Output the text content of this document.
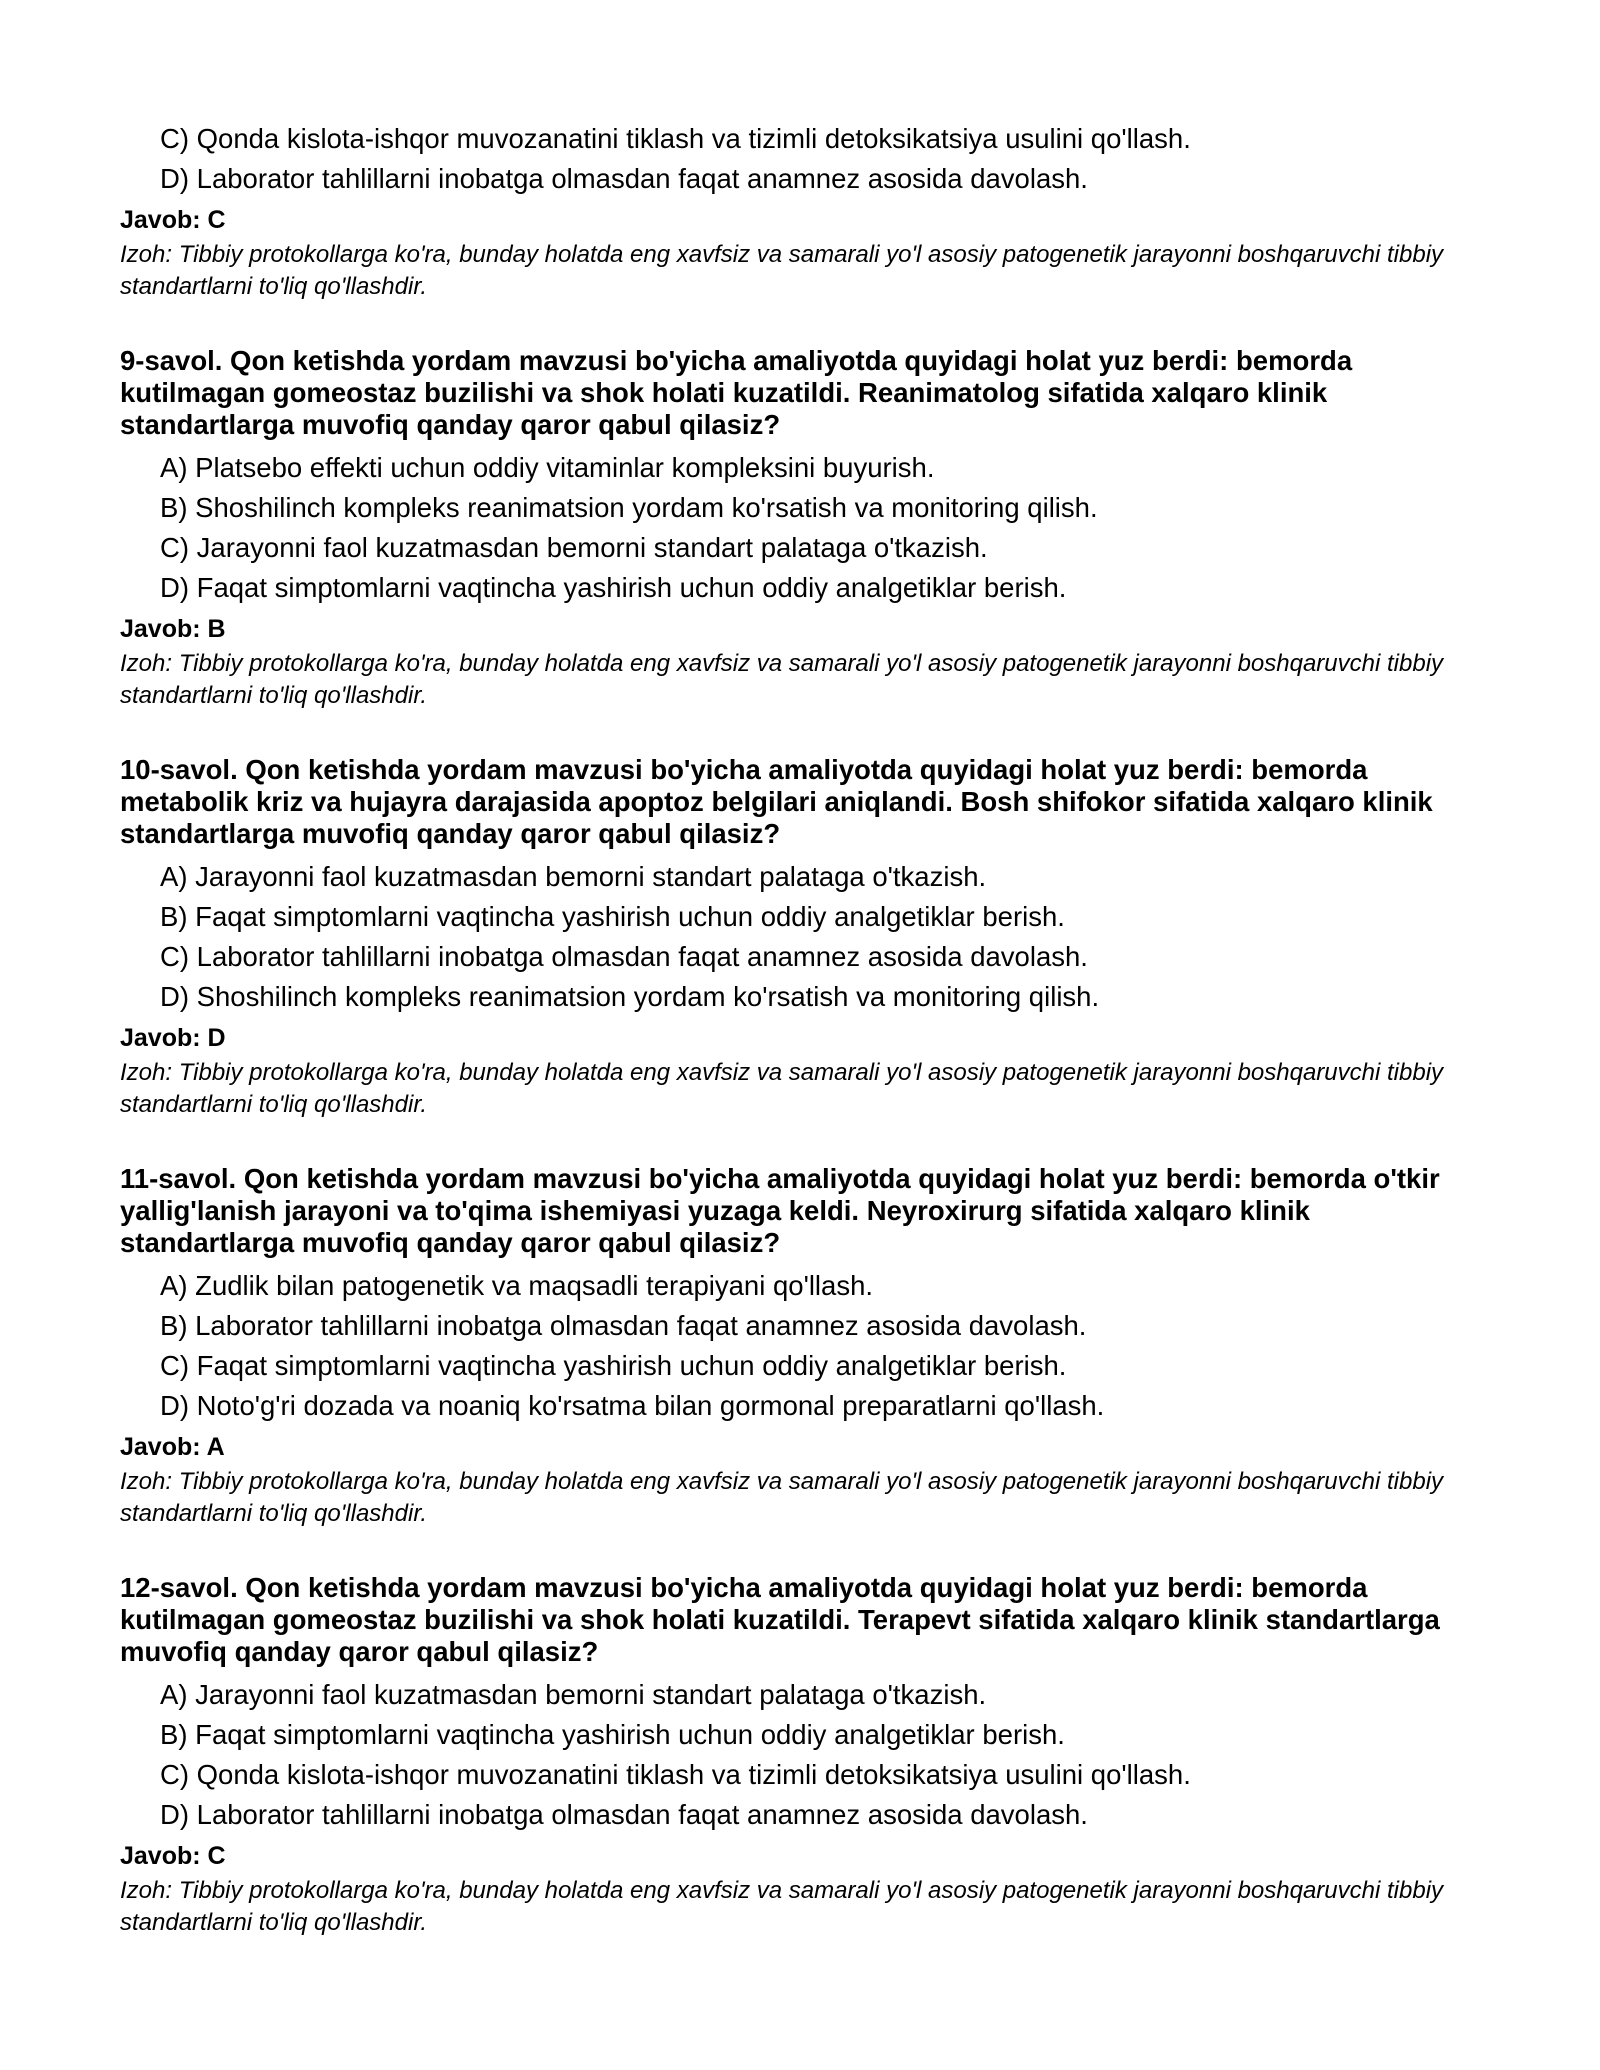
C) Qonda kislota-ishqor muvozanatini tiklash va tizimli detoksikatsiya usulini qo'llash.
D) Laborator tahlillarni inobatga olmasdan faqat anamnez asosida davolash.
Javob: C
Izoh: Tibbiy protokollarga ko'ra, bunday holatda eng xavfsiz va samarali yo'l asosiy patogenetik jarayonni boshqaruvchi tibbiy standartlarni to'liq qo'llashdir.
9-savol. Qon ketishda yordam mavzusi bo'yicha amaliyotda quyidagi holat yuz berdi: bemorda kutilmagan gomeostaz buzilishi va shok holati kuzatildi. Reanimatolog sifatida xalqaro klinik standartlarga muvofiq qanday qaror qabul qilasiz?
A) Platsebo effekti uchun oddiy vitaminlar kompleksini buyurish.
B) Shoshilinch kompleks reanimatsion yordam ko'rsatish va monitoring qilish.
C) Jarayonni faol kuzatmasdan bemorni standart palataga o'tkazish.
D) Faqat simptomlarni vaqtincha yashirish uchun oddiy analgetiklar berish.
Javob: B
Izoh: Tibbiy protokollarga ko'ra, bunday holatda eng xavfsiz va samarali yo'l asosiy patogenetik jarayonni boshqaruvchi tibbiy standartlarni to'liq qo'llashdir.
10-savol. Qon ketishda yordam mavzusi bo'yicha amaliyotda quyidagi holat yuz berdi: bemorda metabolik kriz va hujayra darajasida apoptoz belgilari aniqlandi. Bosh shifokor sifatida xalqaro klinik standartlarga muvofiq qanday qaror qabul qilasiz?
A) Jarayonni faol kuzatmasdan bemorni standart palataga o'tkazish.
B) Faqat simptomlarni vaqtincha yashirish uchun oddiy analgetiklar berish.
C) Laborator tahlillarni inobatga olmasdan faqat anamnez asosida davolash.
D) Shoshilinch kompleks reanimatsion yordam ko'rsatish va monitoring qilish.
Javob: D
Izoh: Tibbiy protokollarga ko'ra, bunday holatda eng xavfsiz va samarali yo'l asosiy patogenetik jarayonni boshqaruvchi tibbiy standartlarni to'liq qo'llashdir.
11-savol. Qon ketishda yordam mavzusi bo'yicha amaliyotda quyidagi holat yuz berdi: bemorda o'tkir yallig'lanish jarayoni va to'qima ishemiyasi yuzaga keldi. Neyroxirurg sifatida xalqaro klinik standartlarga muvofiq qanday qaror qabul qilasiz?
A) Zudlik bilan patogenetik va maqsadli terapiyani qo'llash.
B) Laborator tahlillarni inobatga olmasdan faqat anamnez asosida davolash.
C) Faqat simptomlarni vaqtincha yashirish uchun oddiy analgetiklar berish.
D) Noto'g'ri dozada va noaniq ko'rsatma bilan gormonal preparatlarni qo'llash.
Javob: A
Izoh: Tibbiy protokollarga ko'ra, bunday holatda eng xavfsiz va samarali yo'l asosiy patogenetik jarayonni boshqaruvchi tibbiy standartlarni to'liq qo'llashdir.
12-savol. Qon ketishda yordam mavzusi bo'yicha amaliyotda quyidagi holat yuz berdi: bemorda kutilmagan gomeostaz buzilishi va shok holati kuzatildi. Terapevt sifatida xalqaro klinik standartlarga muvofiq qanday qaror qabul qilasiz?
A) Jarayonni faol kuzatmasdan bemorni standart palataga o'tkazish.
B) Faqat simptomlarni vaqtincha yashirish uchun oddiy analgetiklar berish.
C) Qonda kislota-ishqor muvozanatini tiklash va tizimli detoksikatsiya usulini qo'llash.
D) Laborator tahlillarni inobatga olmasdan faqat anamnez asosida davolash.
Javob: C
Izoh: Tibbiy protokollarga ko'ra, bunday holatda eng xavfsiz va samarali yo'l asosiy patogenetik jarayonni boshqaruvchi tibbiy standartlarni to'liq qo'llashdir.
